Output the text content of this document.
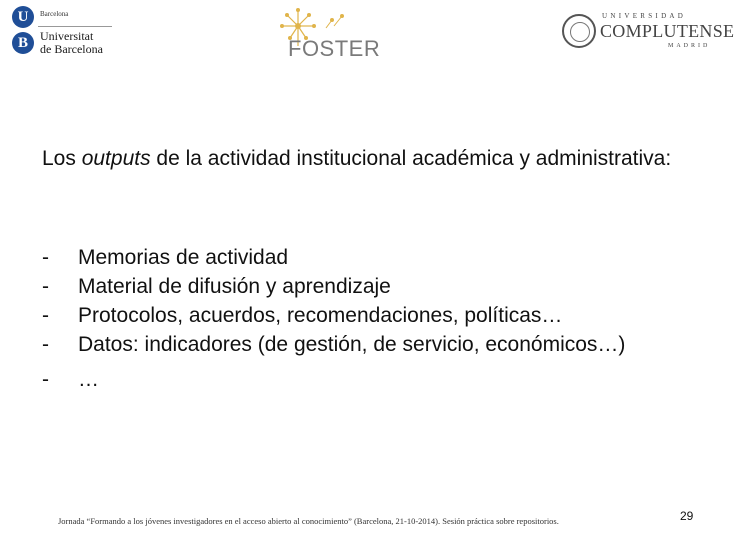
U
B
Barcelona
Universitat
de Barcelona	FOSTER
UNIVERSIDAD
COMPLUTENSE
MADRID
Los outputs de la actividad institucional académica y administrativa:
- Memorias de actividad
- Material de difusión y aprendizaje
- Protocolos, acuerdos, recomendaciones, políticas…
- Datos: indicadores (de gestión, de servicio, económicos…)
- …
Jornada “Formando a los jóvenes investigadores en el acceso abierto al conocimiento” (Barcelona, 21-10-2014). Sesión práctica sobre repositorios.	29
